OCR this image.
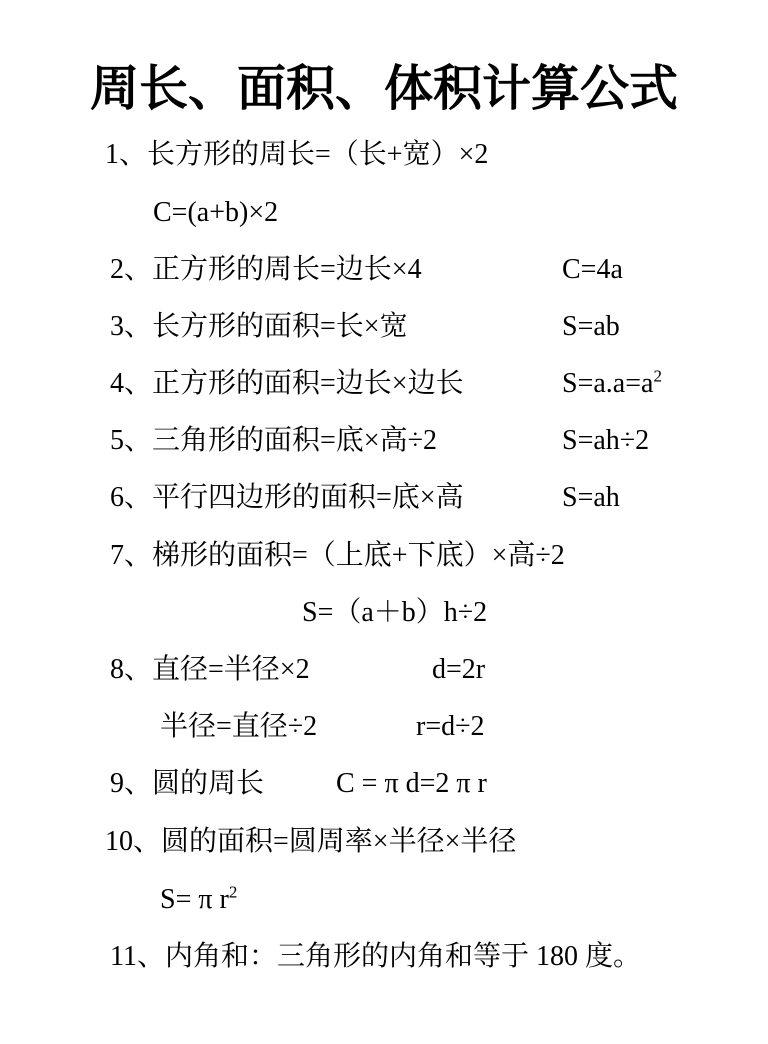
周长、面积、体积计算公式
1、长方形的周长=（长+宽）×2
C=(a+b)×2
2、正方形的周长=边长×4	C=4a
3、长方形的面积=长×宽	S=ab
4、正方形的面积=边长×边长	$S=a.a=a^2$
5、三角形的面积=底×高÷2	S=ah÷2
6、平行四边形的面积=底×高	S=ah
7、梯形的面积=（上底+下底）×高÷2
S=（a＋b）h÷2
8、直径=半径×2	d=2r
半径=直径÷2	r=d÷2
9、圆的周长	C = π d=2 π r
10、圆的面积=圆周率×半径×半径
S= π $r^2$
11、内角和：三角形的内角和等于 180 度。
